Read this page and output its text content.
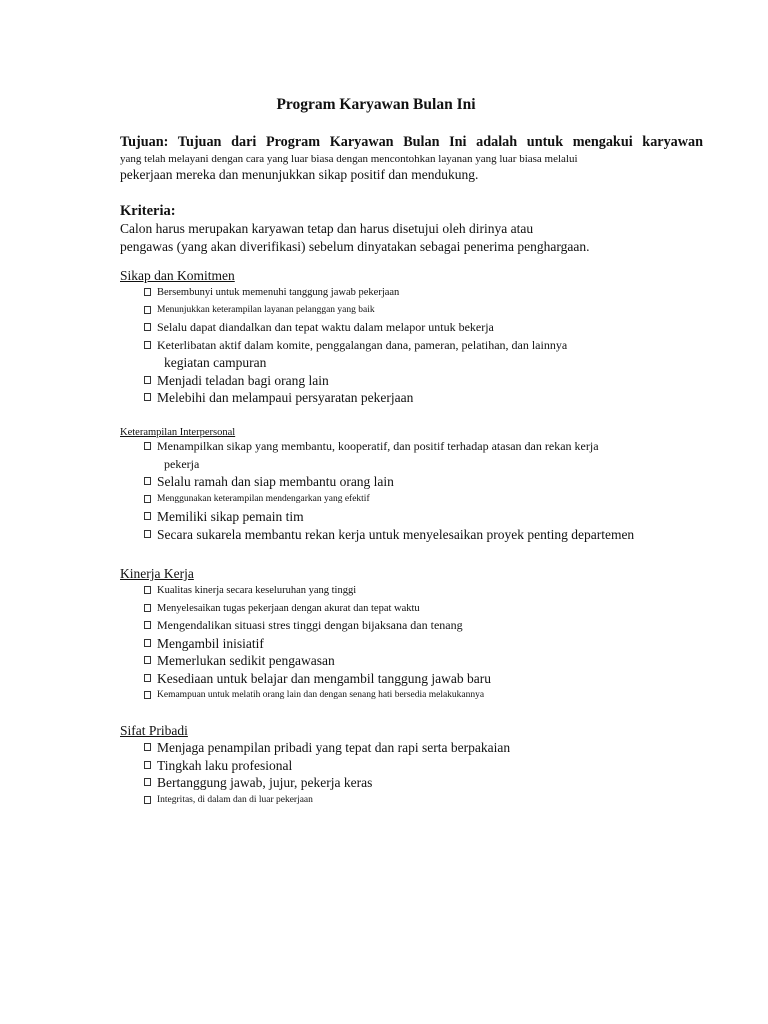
Program Karyawan Bulan Ini
Tujuan: Tujuan dari Program Karyawan Bulan Ini adalah untuk mengakui karyawan
yang telah melayani dengan cara yang luar biasa dengan mencontohkan layanan yang luar biasa melalui
pekerjaan mereka dan menunjukkan sikap positif dan mendukung.
Kriteria:
Calon harus merupakan karyawan tetap dan harus disetujui oleh dirinya atau
pengawas (yang akan diverifikasi) sebelum dinyatakan sebagai penerima penghargaan.
Sikap dan Komitmen
Bersembunyi untuk memenuhi tanggung jawab pekerjaan
Menunjukkan keterampilan layanan pelanggan yang baik
Selalu dapat diandalkan dan tepat waktu dalam melapor untuk bekerja
Keterlibatan aktif dalam komite, penggalangan dana, pameran, pelatihan, dan lainnya
kegiatan campuran
Menjadi teladan bagi orang lain
Melebihi dan melampaui persyaratan pekerjaan
Keterampilan Interpersonal
Menampilkan sikap yang membantu, kooperatif, dan positif terhadap atasan dan rekan kerja
pekerja
Selalu ramah dan siap membantu orang lain
Menggunakan keterampilan mendengarkan yang efektif
Memiliki sikap pemain tim
Secara sukarela membantu rekan kerja untuk menyelesaikan proyek penting departemen
Kinerja Kerja
Kualitas kinerja secara keseluruhan yang tinggi
Menyelesaikan tugas pekerjaan dengan akurat dan tepat waktu
Mengendalikan situasi stres tinggi dengan bijaksana dan tenang
Mengambil inisiatif
Memerlukan sedikit pengawasan
Kesediaan untuk belajar dan mengambil tanggung jawab baru
Kemampuan untuk melatih orang lain dan dengan senang hati bersedia melakukannya
Sifat Pribadi
Menjaga penampilan pribadi yang tepat dan rapi serta berpakaian
Tingkah laku profesional
Bertanggung jawab, jujur, pekerja keras
Integritas, di dalam dan di luar pekerjaan
